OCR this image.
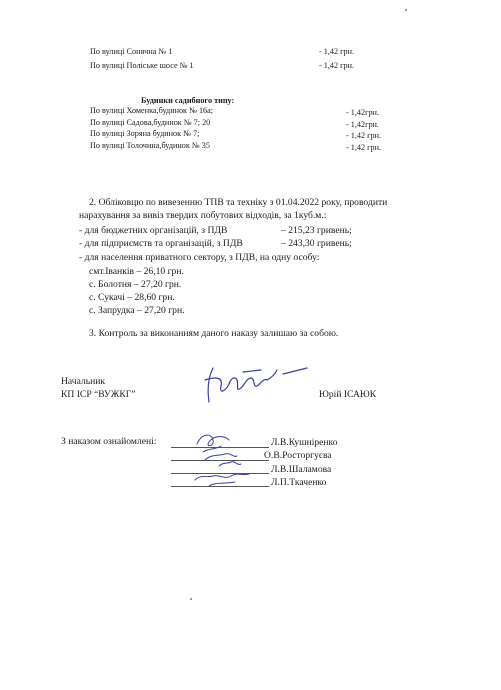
По вулиці Сонячна № 1	- 1,42 грн.
По вулиці Поліське шосе № 1	- 1,42 грн.
Будинки садибного типу:
По вулиці Хоменка,будинок № 16а;	- 1,42грн.
По вулиці Садова,будинок № 7; 20	- 1,42грн.
По вулиці Зоряна будинок № 7;	- 1,42 грн.
По вулиці Толочина,будинок № 35	- 1,42 грн.
2. Обліковцю по вивезенню ТПВ та техніку з 01.04.2022 року, проводити
нарахування за вивіз твердих побутових відходів, за 1куб.м.:
- для бюджетних організацій, з ПДВ	– 215,23 гривень;
- для підприємств та організацій, з ПДВ	– 243,30 гривень;
- для населення приватного сектору, з ПДВ, на одну особу:
смт.Іванків – 26,10 грн.
с. Болотня – 27,20 грн.
с. Сукачі – 28,60 грн.
с. Запрудка – 27,20 грн.
3. Контроль за виконанням даного наказу залишаю за собою.
Начальник
КП ІСР “ВУЖКГ”	Юрій ІСАЮК
З наказом ознайомлені:	Л.В.Кушніренко
О.В.Росторгуєва
Л.В.Шаламова
Л.П.Ткаченко
